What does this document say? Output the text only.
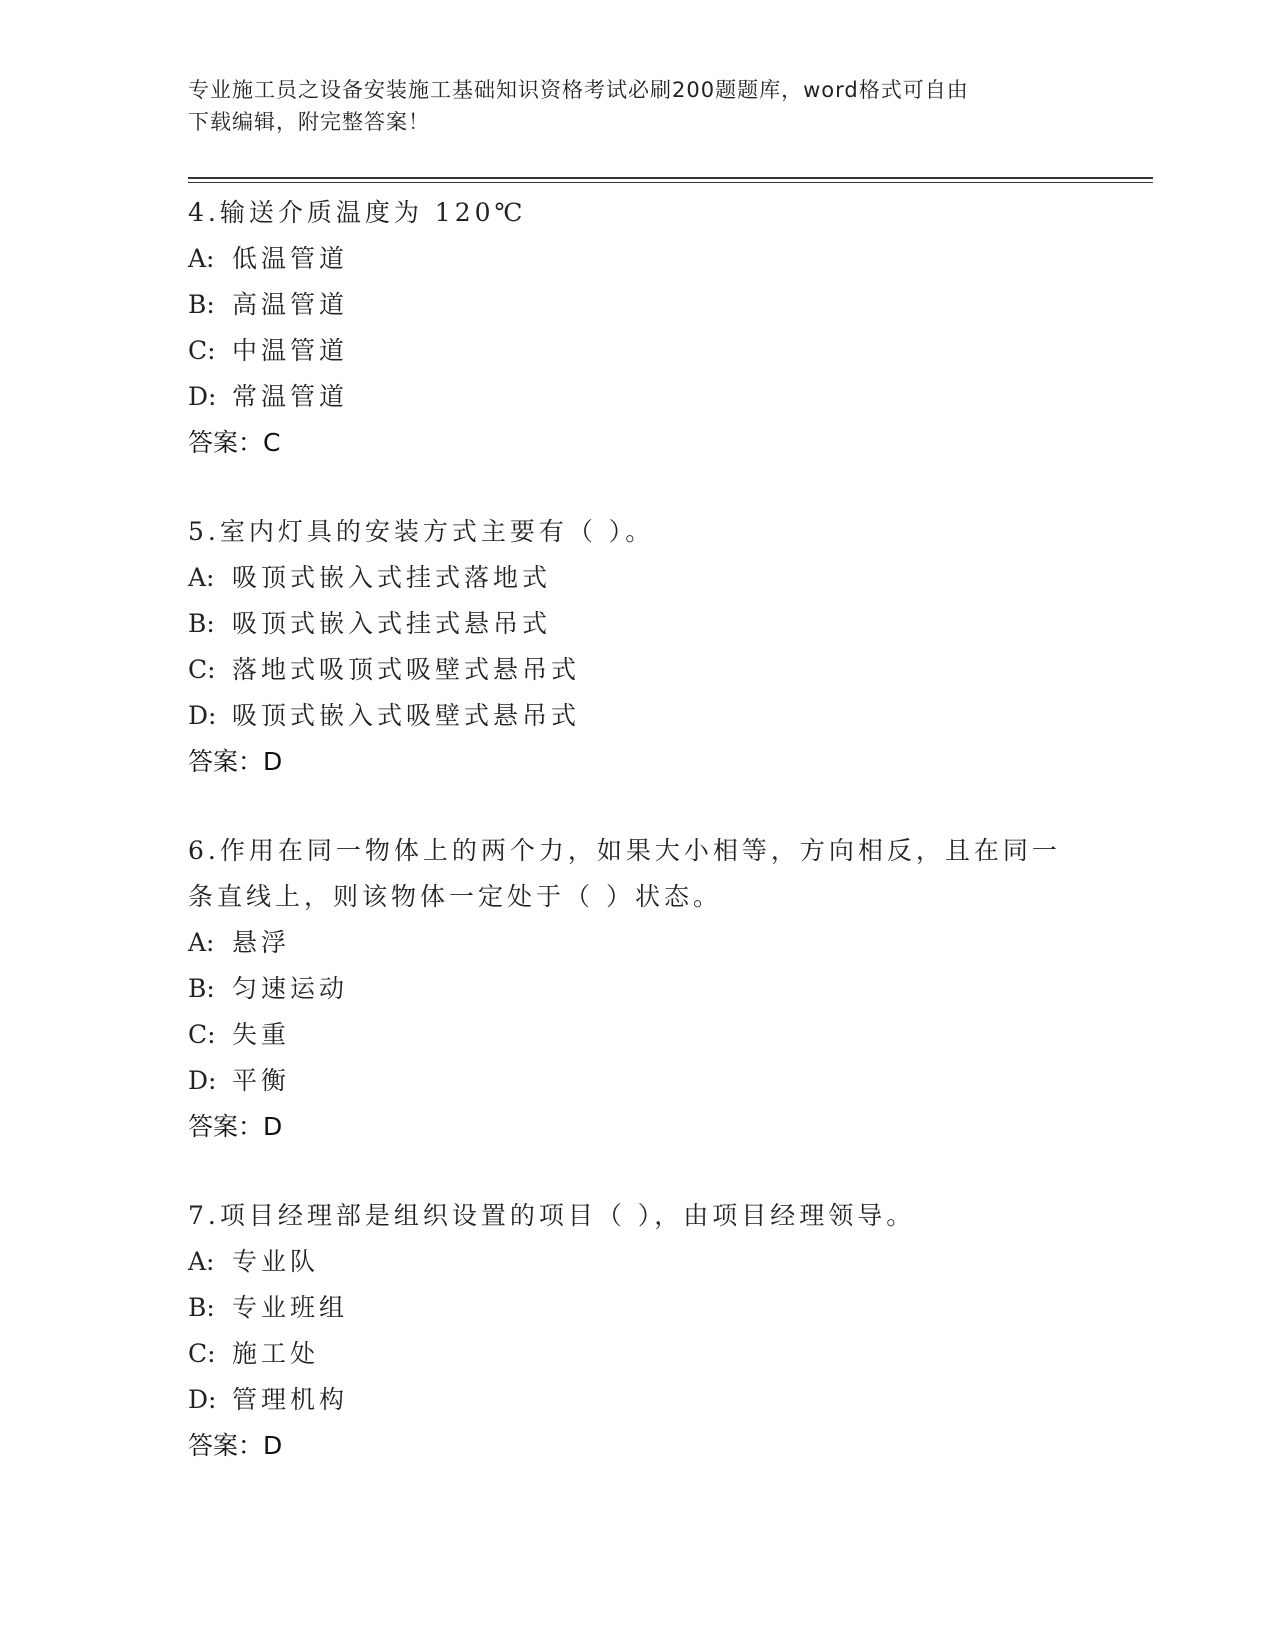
专业施工员之设备安装施工基础知识资格考试必刷200题题库，word格式可自由
下载编辑，附完整答案！
4.输送介质温度为 120℃
A: 低温管道
B: 高温管道
C: 中温管道
D: 常温管道
答案：C
5.室内灯具的安装方式主要有（ ）。
A: 吸顶式嵌入式挂式落地式
B: 吸顶式嵌入式挂式悬吊式
C: 落地式吸顶式吸壁式悬吊式
D: 吸顶式嵌入式吸壁式悬吊式
答案：D
6.作用在同一物体上的两个力，如果大小相等，方向相反，且在同一
条直线上，则该物体一定处于（ ）状态。
A: 悬浮
B: 匀速运动
C: 失重
D: 平衡
答案：D
7.项目经理部是组织设置的项目（ ），由项目经理领导。
A: 专业队
B: 专业班组
C: 施工处
D: 管理机构
答案：D
